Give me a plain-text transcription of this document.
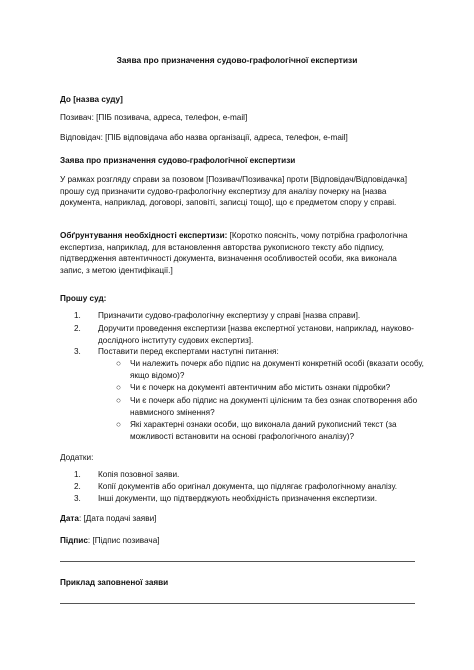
Заява про призначення судово-графологічної експертизи
До [назва суду]
Позивач: [ПІБ позивача, адреса, телефон, e-mail]
Відповідач: [ПІБ відповідача або назва організації, адреса, телефон, e-mail]
Заява про призначення судово-графологічної експертизи
У рамках розгляду справи за позовом [Позивач/Позивачка] проти [Відповідач/Відповідачка] прошу суд призначити судово-графологічну експертизу для аналізу почерку на [назва документа, наприклад, договорі, заповіті, записці тощо], що є предметом спору у справі.
Обґрунтування необхідності експертизи: [Коротко поясніть, чому потрібна графологічна експертиза, наприклад, для встановлення авторства рукописного тексту або підпису, підтвердження автентичності документа, визначення особливостей особи, яка виконала запис, з метою ідентифікації.]
Прошу суд:
1. Призначити судово-графологічну експертизу у справі [назва справи].
2. Доручити проведення експертизи [назва експертної установи, наприклад, науково-дослідного інституту судових експертиз].
3. Поставити перед експертами наступні питання:
○ Чи належить почерк або підпис на документі конкретній особі (вказати особу, якщо відомо)?
○ Чи є почерк на документі автентичним або містить ознаки підробки?
○ Чи є почерк або підпис на документі цілісним та без ознак спотворення або навмисного змінення?
○ Які характерні ознаки особи, що виконала даний рукописний текст (за можливості встановити на основі графологічного аналізу)?
Додатки:
1. Копія позовної заяви.
2. Копії документів або оригінал документа, що підлягає графологічному аналізу.
3. Інші документи, що підтверджують необхідність призначення експертизи.
Дата: [Дата подачі заяви]
Підпис: [Підпис позивача]
Приклад заповненої заяви
